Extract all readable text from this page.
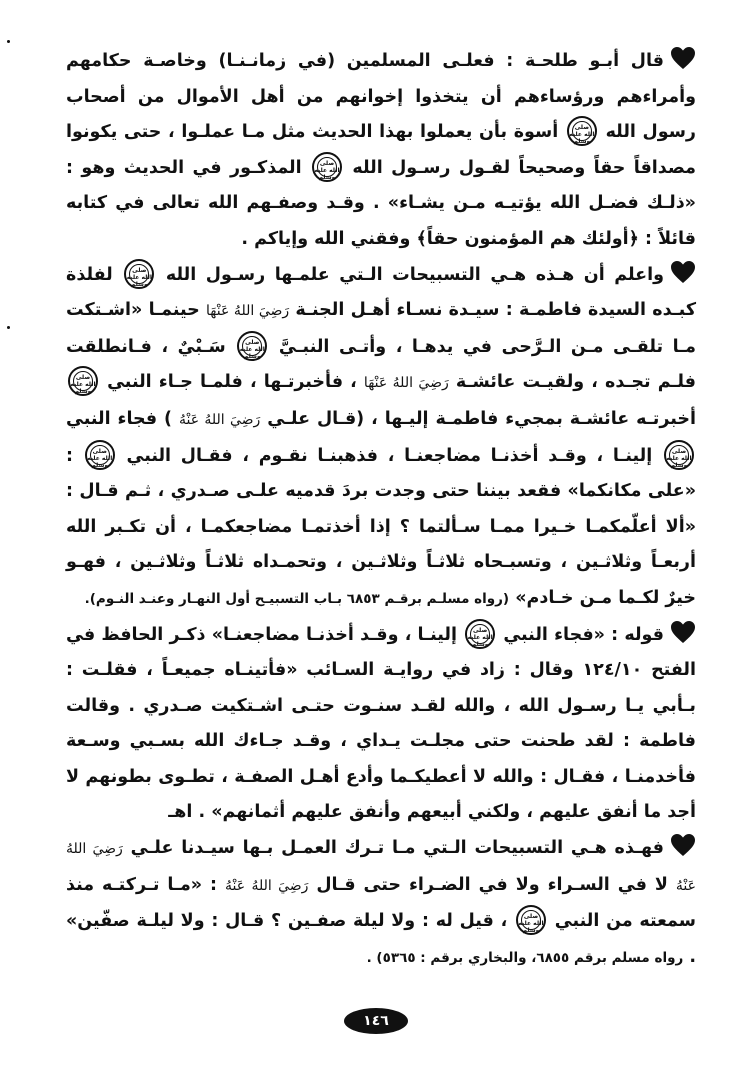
قال أبـو طلحـة : فعلـى المسلمين (في زمانـنـا) وخاصـة حكامهم وأمراءهم ورؤساءهم أن يتخذوا إخوانهم من أهل الأموال من أصحاب رسول الله
صلى الله عليه وسلم
أسوة بأن يعملوا بهذا الحديث مثل مـا عملـوا ، حتى يكونوا مصداقاً حقاً وصحيحاً لقـول رسـول الله
صلى الله عليه وسلم
المذكـور في الحديث وهو : «ذلـك فضـل الله يؤتيـه مـن يشـاء» . وقـد وصفـهم الله تعالى في كتابه قائلاً : ﴿أولئك هم المؤمنون حقاً﴾ وفقني الله وإياكم .

واعلم أن هـذه هـي التسبيحات الـتي علمـها رسـول الله
صلى الله عليه وسلم
لفلذة كبـده السيدة فاطمـة : سيـدة نسـاء أهـل الجنـة رَضِيَ اللهُ عَنْهَا حينمـا «اشـتكت مـا تلقـى مـن الـرَّحى في يدهـا ، وأتـى النبـيَّ
صلى الله عليه وسلم
سَـبْيٌ ، فـانطلقت فلـم تجـده ، ولقيـت عائشـة رَضِيَ اللهُ عَنْهَا ، فأخبرتـها ، فلمـا جـاء النبي
صلى الله عليه وسلم
أخبرتـه عائشـة بمجيء فاطمـة إليـها ، (قـال علـي رَضِيَ اللهُ عَنْهُ ) فجاء النبي
صلى الله عليه وسلم
إلينـا ، وقـد أخذنـا مضاجعنـا ، فذهبنـا نقـوم ، فقـال النبي
صلى الله عليه وسلم
: «على مكانكما» فقعد بيننا حتى وجدت بردَ قدميه علـى صـدري ، ثـم قـال : «ألا أعلّمكمـا خـيرا ممـا سـألتما ؟ إذا أخذتمـا مضاجعكمـا ، أن تكـبر الله أربعـاً وثلاثـين ، وتسبـحاه ثلاثـاً وثلاثـين ، وتحمـداه ثلاثـاً وثلاثـين ، فهـو خيرٌ لكـما مـن خـادم» (رواه مسلـم برقـم ٦٨٥٣ بـاب التسبيـح أول النهـار وعنـد النـوم).

قوله : «فجاء النبي
صلى الله عليه وسلم
إلينـا ، وقـد أخذنـا مضاجعنـا» ذكـر الحافظ في الفتح ١٢٤/١٠ وقال : زاد في روايـة السـائب «فأتينـاه جميعـاً ، فقلـت : بـأبي يـا رسـول الله ، والله لقـد سنـوت حتـى اشـتكيت صـدري . وقالت فاطمة : لقد طحنت حتى مجلـت يـداي ، وقـد جـاءك الله بسـبي وسـعة فأخدمنـا ، فقـال : والله لا أعطيكـما وأدع أهـل الصفـة ، تطـوى بطونهم لا أجد ما أنفق عليهم ، ولكني أبيعهم وأنفق عليهم أثمانهم» . اهـ

فهـذه هـي التسبيحات الـتي مـا تـرك العمـل بـها سيـدنا علـي رَضِيَ اللهُ عَنْهُ لا في السـراء ولا في الضـراء حتى قـال رَضِيَ اللهُ عَنْهُ : «مـا تـركتـه منذ سمعته من النبي
صلى الله عليه وسلم
، قيل له : ولا ليلة صفـين ؟ قـال : ولا ليلـة صفّين» . رواه مسلم برقم ٦٨٥٥، والبخاري برقم : ٥٣٦٥) .

١٤٦
